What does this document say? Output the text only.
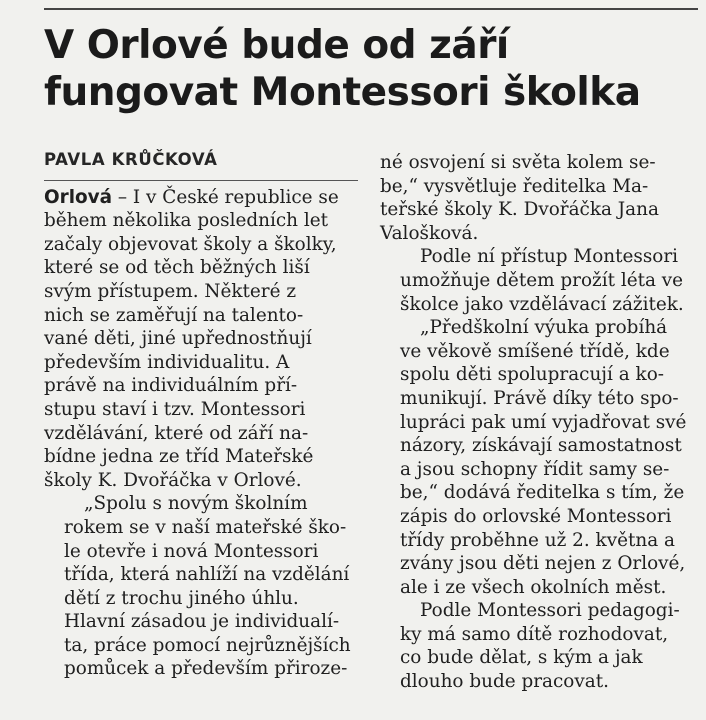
V Orlové bude od září
fungovat Montessori školka
PAVLA KRŮČKOVÁ
Orlová – I v České republice se
během několika posledních let
začaly objevovat školy a školky,
které se od těch běžných liší
svým přístupem. Některé z
nich se zaměřují na talento-
vané děti, jiné upřednostňují
především individualitu. A
právě na individuálním pří-
stupu staví i tzv. Montessori
vzdělávání, které od září na-
bídne jedna ze tříd Mateřské
školy K. Dvořáčka v Orlové.
„Spolu s novým školním
rokem se v naší mateřské ško-
le otevře i nová Montessori
třída, která nahlíží na vzdělání
dětí z trochu jiného úhlu.
Hlavní zásadou je individualí-
ta, práce pomocí nejrůznějších
pomůcek a především přiroze-
né osvojení si světa kolem se-
be,“ vysvětluje ředitelka Ma-
teřské školy K. Dvořáčka Jana
Valošková.
Podle ní přístup Montessori
umožňuje dětem prožít léta ve
školce jako vzdělávací zážitek.
„Předškolní výuka probíhá
ve věkově smíšené třídě, kde
spolu děti spolupracují a ko-
munikují. Právě díky této spo-
lupráci pak umí vyjadřovat své
názory, získávají samostatnost
a jsou schopny řídit samy se-
be,“ dodává ředitelka s tím, že
zápis do orlovské Montessori
třídy proběhne už 2. května a
zvány jsou děti nejen z Orlové,
ale i ze všech okolních měst.
Podle Montessori pedagogi-
ky má samo dítě rozhodovat,
co bude dělat, s kým a jak
dlouho bude pracovat.
